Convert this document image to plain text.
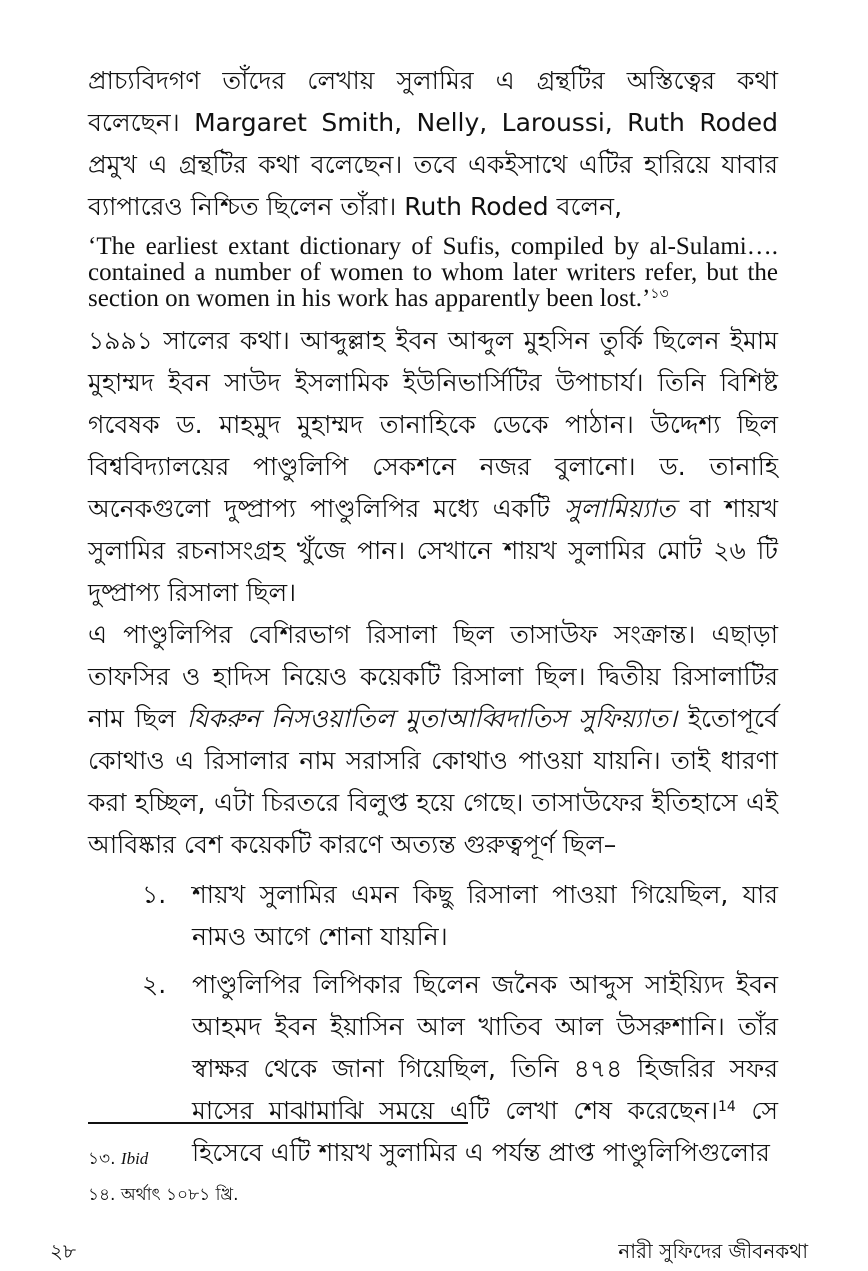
প্রাচ্যবিদগণ তাঁদের লেখায় সুলামির এ গ্রন্থটির অস্তিত্বের কথা বলেছেন। Margaret Smith, Nelly, Laroussi, Ruth Roded প্রমুখ এ গ্রন্থটির কথা বলেছেন। তবে একইসাথে এটির হারিয়ে যাবার ব্যাপারেও নিশ্চিত ছিলেন তাঁরা। Ruth Roded বলেন,

‘The earliest extant dictionary of Sufis, compiled by al-Sulami…. contained a number of women to whom later writers refer, but the section on women in his work has apparently been lost.’$^{১৩}$

১৯৯১ সালের কথা। আব্দুল্লাহ ইবন আব্দুল মুহসিন তুর্কি ছিলেন ইমাম মুহাম্মদ ইবন সাউদ ইসলামিক ইউনিভার্সিটির উপাচার্য। তিনি বিশিষ্ট গবেষক ড. মাহমুদ মুহাম্মদ তানাহিকে ডেকে পাঠান। উদ্দেশ্য ছিল বিশ্ববিদ্যালয়ের পাণ্ডুলিপি সেকশনে নজর বুলানো। ড. তানাহি অনেকগুলো দুষ্প্রাপ্য পাণ্ডুলিপির মধ্যে একটি সুলামিয়্যাত বা শায়খ সুলামির রচনাসংগ্রহ খুঁজে পান। সেখানে শায়খ সুলামির মোট ২৬ টি দুষ্প্রাপ্য রিসালা ছিল।

এ পাণ্ডুলিপির বেশিরভাগ রিসালা ছিল তাসাউফ সংক্রান্ত। এছাড়া তাফসির ও হাদিস নিয়েও কয়েকটি রিসালা ছিল। দ্বিতীয় রিসালাটির নাম ছিল যিকরুন নিসওয়াতিল মুতাআব্বিদাতিস সুফিয়্যাত। ইতোপূর্বে কোথাও এ রিসালার নাম সরাসরি কোথাও পাওয়া যায়নি। তাই ধারণা করা হচ্ছিল, এটা চিরতরে বিলুপ্ত হয়ে গেছে। তাসাউফের ইতিহাসে এই আবিষ্কার বেশ কয়েকটি কারণে অত্যন্ত গুরুত্বপূর্ণ ছিল–

১.	শায়খ সুলামির এমন কিছু রিসালা পাওয়া গিয়েছিল, যার নামও আগে শোনা যায়নি।
২.	পাণ্ডুলিপির লিপিকার ছিলেন জনৈক আব্দুস সাইয়্যিদ ইবন আহমদ ইবন ইয়াসিন আল খাতিব আল উসরুশানি। তাঁর স্বাক্ষর থেকে জানা গিয়েছিল, তিনি ৪৭৪ হিজরির সফর মাসের মাঝামাঝি সময়ে এটি লেখা শেষ করেছেন।$^{14}$ সে হিসেবে এটি শায়খ সুলামির এ পর্যন্ত প্রাপ্ত পাণ্ডুলিপিগুলোর

১৩. Ibid

১৪. অর্থাৎ ১০৮১ খ্রি.

২৮	নারী সুফিদের জীবনকথা
